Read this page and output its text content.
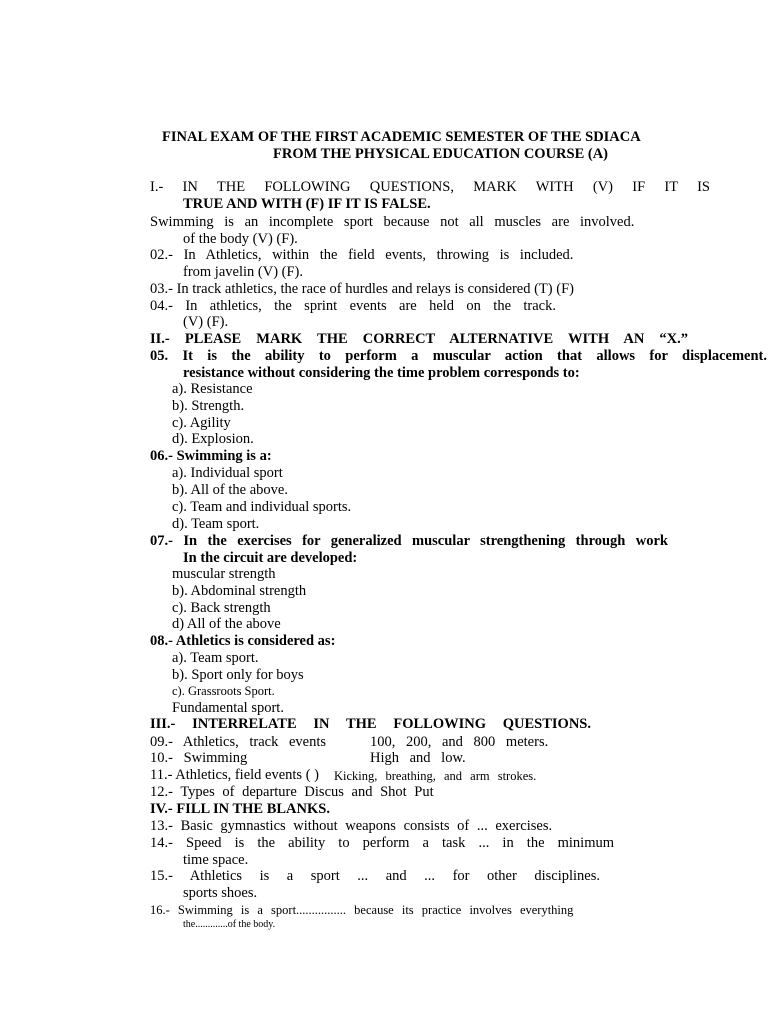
FINAL EXAM OF THE FIRST ACADEMIC SEMESTER OF THE SDIACA
FROM THE PHYSICAL EDUCATION COURSE (A)
I.- IN THE FOLLOWING QUESTIONS, MARK WITH (V) IF IT IS
TRUE AND WITH (F) IF IT IS FALSE.
Swimming is an incomplete sport because not all muscles are involved.
of the body (V) (F).
02.- In Athletics, within the field events, throwing is included.
from javelin (V) (F).
03.- In track athletics, the race of hurdles and relays is considered (T) (F)
04.- In athletics, the sprint events are held on the track.
(V) (F).
II.- PLEASE MARK THE CORRECT ALTERNATIVE WITH AN “X.”
05. It is the ability to perform a muscular action that allows for displacement.
resistance without considering the time problem corresponds to:
a). Resistance
b). Strength.
c). Agility
d). Explosion.
06.- Swimming is a:
a). Individual sport
b). All of the above.
c). Team and individual sports.
d). Team sport.
07.- In the exercises for generalized muscular strengthening through work
In the circuit are developed:
muscular strength
b). Abdominal strength
c). Back strength
d) All of the above
08.- Athletics is considered as:
a). Team sport.
b). Sport only for boys
c). Grassroots Sport.
Fundamental sport.
III.- INTERRELATE IN THE FOLLOWING QUESTIONS.
09.- Athletics, track events	100, 200, and 800 meters.
10.- Swimming	High and low.
11.- Athletics, field events ( ) Kicking, breathing, and arm strokes.
12.- Types of departure Discus and Shot Put
IV.- FILL IN THE BLANKS.
13.- Basic gymnastics without weapons consists of ... exercises.
14.- Speed is the ability to perform a task ... in the minimum
time space.
15.- Athletics is a sport ... and ... for other disciplines.
sports shoes.
16.- Swimming is a sport................ because its practice involves everything
the.............of the body.
